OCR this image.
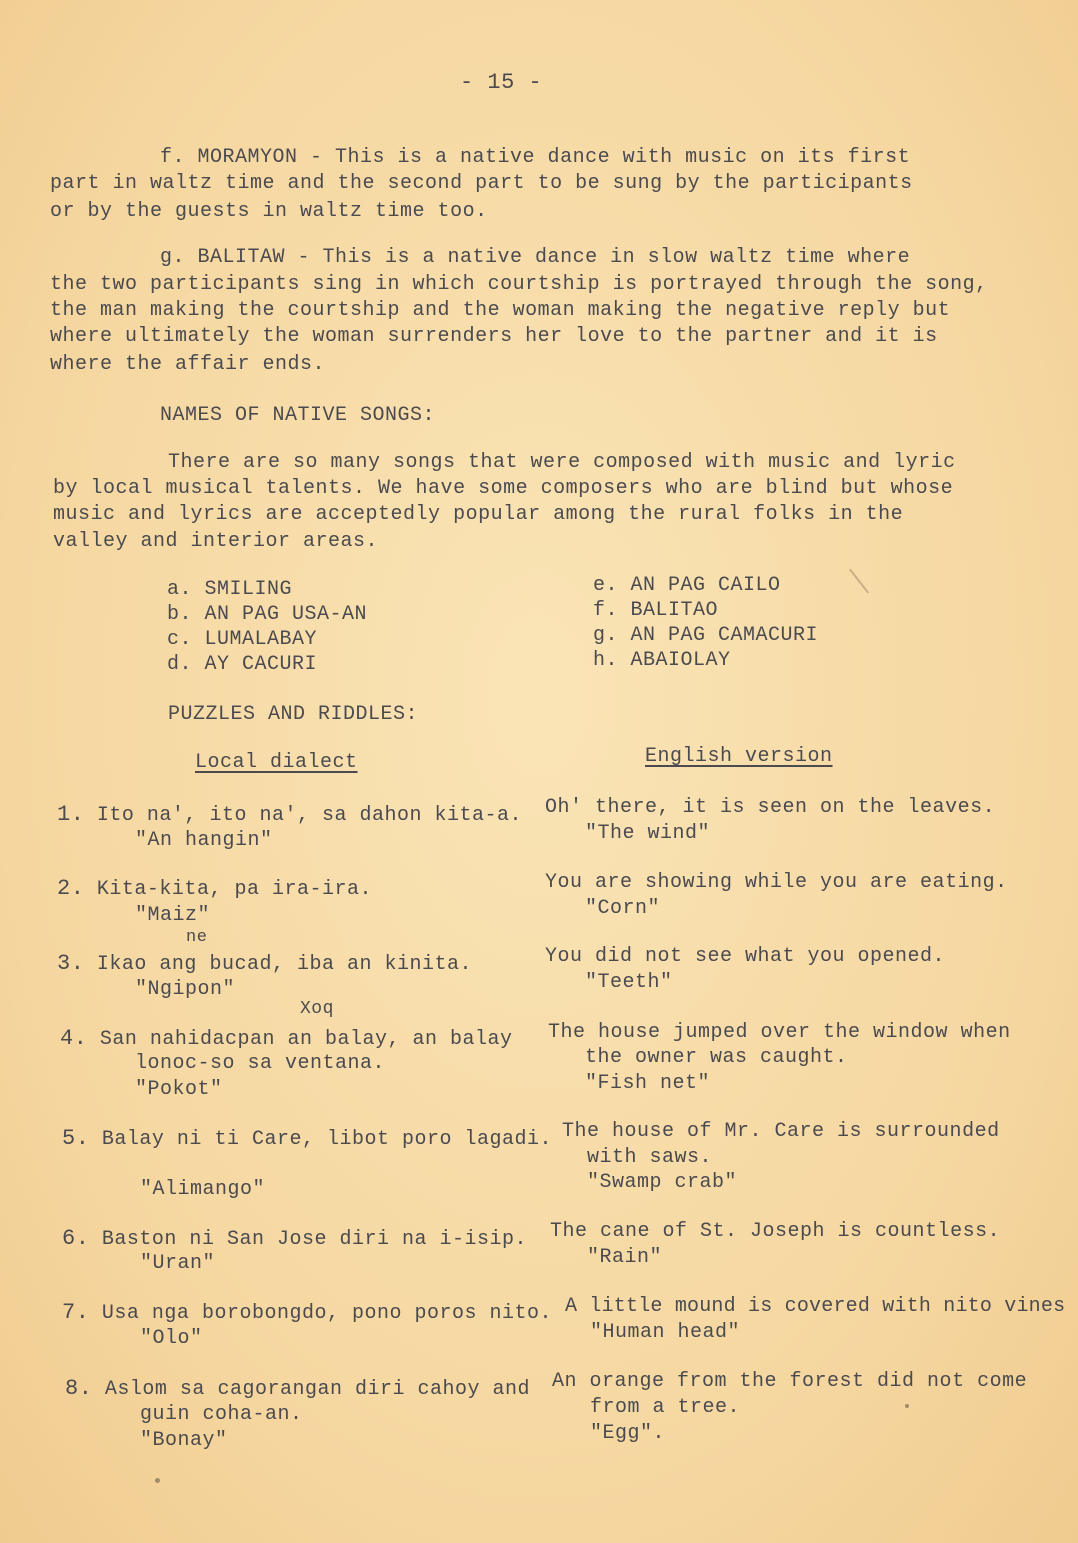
- 15 -
f. MORAMYON - This is a native dance with music on its first
part in waltz time and the second part to be sung by the participants
or by the guests in waltz time too.
g. BALITAW - This is a native dance in slow waltz time where
the two participants sing in which courtship is portrayed through the song,
the man making the courtship and the woman making the negative reply but
where ultimately the woman surrenders her love to the partner and it is
where the affair ends.
NAMES OF NATIVE SONGS:
There are so many songs that were composed with music and lyric
by local musical talents. We have some composers who are blind but whose
music and lyrics are acceptedly popular among the rural folks in the
valley and interior areas.
a. SMILING
b. AN PAG USA-AN
c. LUMALABAY
d. AY CACURI
e. AN PAG CAILO
f. BALITAO
g. AN PAG CAMACURI
h. ABAIOLAY
PUZZLES AND RIDDLES:
Local dialect	English version
1. Ito na', ito na', sa dahon kita-a.
"An hangin"
Oh' there, it is seen on the leaves.
"The wind"
2. Kita-kita, pa ira-ira.
"Maiz"
You are showing while you are eating.
"Corn"
ne
3. Ikao ang bucad, iba an kinita.
"Ngipon"
You did not see what you opened.
"Teeth"
Xoq
4. San nahidacpan an balay, an balay
lonoc-so sa ventana.
"Pokot"
The house jumped over the window when
the owner was caught.
"Fish net"
5. Balay ni ti Care, libot poro lagadi.
"Alimango"
The house of Mr. Care is surrounded
with saws.
"Swamp crab"
6. Baston ni San Jose diri na i-isip.
"Uran"
The cane of St. Joseph is countless.
"Rain"
7. Usa nga borobongdo, pono poros nito.
"Olo"
A little mound is covered with nito vines
"Human head"
8. Aslom sa cagorangan diri cahoy and
guin coha-an.
"Bonay"
An orange from the forest did not come
from a tree.
"Egg".
